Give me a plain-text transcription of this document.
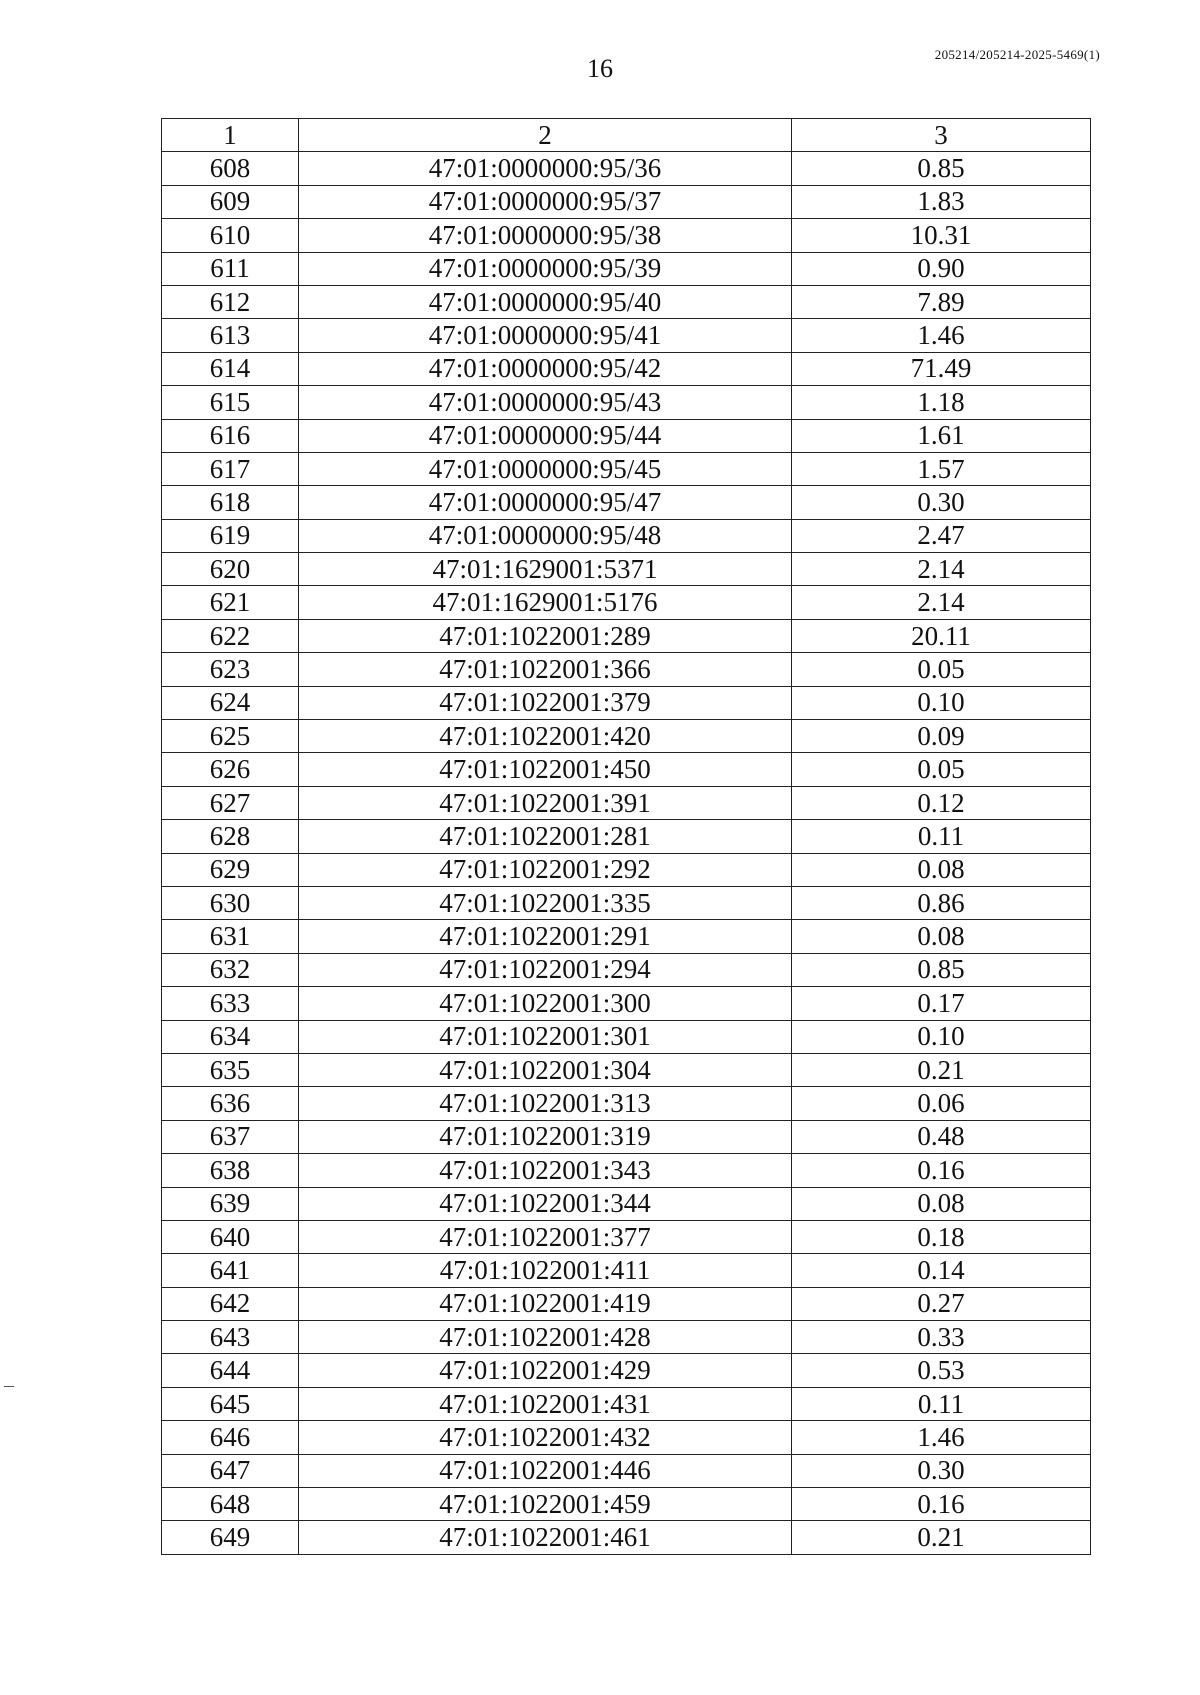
16	205214/205214-2025-5469(1)
1	2	3
608	47:01:0000000:95/36	0.85
609	47:01:0000000:95/37	1.83
610	47:01:0000000:95/38	10.31
611	47:01:0000000:95/39	0.90
612	47:01:0000000:95/40	7.89
613	47:01:0000000:95/41	1.46
614	47:01:0000000:95/42	71.49
615	47:01:0000000:95/43	1.18
616	47:01:0000000:95/44	1.61
617	47:01:0000000:95/45	1.57
618	47:01:0000000:95/47	0.30
619	47:01:0000000:95/48	2.47
620	47:01:1629001:5371	2.14
621	47:01:1629001:5176	2.14
622	47:01:1022001:289	20.11
623	47:01:1022001:366	0.05
624	47:01:1022001:379	0.10
625	47:01:1022001:420	0.09
626	47:01:1022001:450	0.05
627	47:01:1022001:391	0.12
628	47:01:1022001:281	0.11
629	47:01:1022001:292	0.08
630	47:01:1022001:335	0.86
631	47:01:1022001:291	0.08
632	47:01:1022001:294	0.85
633	47:01:1022001:300	0.17
634	47:01:1022001:301	0.10
635	47:01:1022001:304	0.21
636	47:01:1022001:313	0.06
637	47:01:1022001:319	0.48
638	47:01:1022001:343	0.16
639	47:01:1022001:344	0.08
640	47:01:1022001:377	0.18
641	47:01:1022001:411	0.14
642	47:01:1022001:419	0.27
643	47:01:1022001:428	0.33
644	47:01:1022001:429	0.53
645	47:01:1022001:431	0.11
646	47:01:1022001:432	1.46
647	47:01:1022001:446	0.30
648	47:01:1022001:459	0.16
649	47:01:1022001:461	0.21
